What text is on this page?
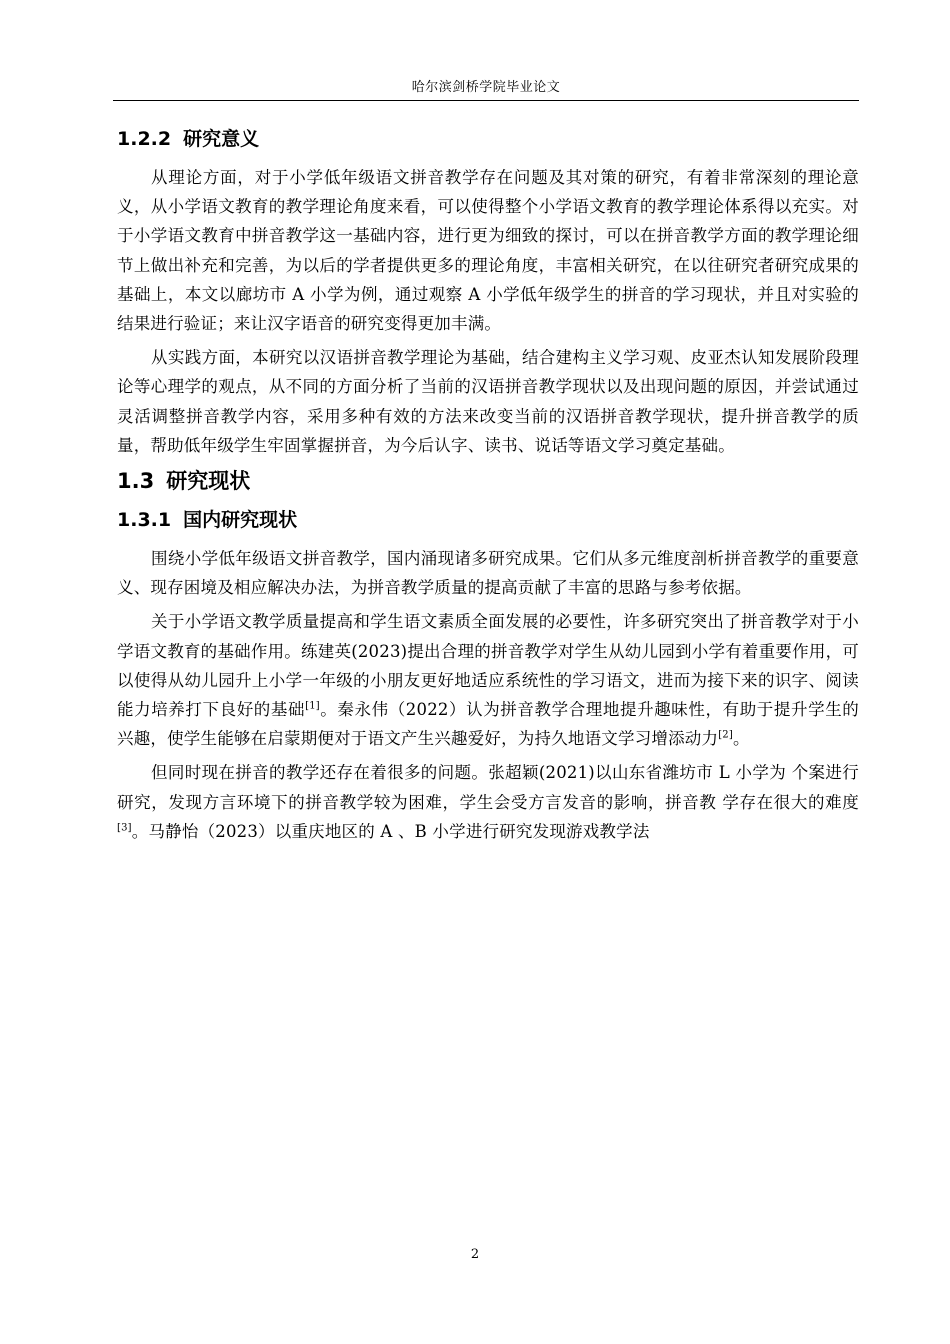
哈尔滨剑桥学院毕业论文
1.2.2 研究意义

从理论方面，对于小学低年级语文拼音教学存在问题及其对策的研究，有着非常深刻的理论意义，从小学语文教育的教学理论角度来看，可以使得整个小学语文教育的教学理论体系得以充实。对于小学语文教育中拼音教学这一基础内容，进行更为细致的探讨，可以在拼音教学方面的教学理论细节上做出补充和完善，为以后的学者提供更多的理论角度，丰富相关研究，在以往研究者研究成果的基础上，本文以廊坊市 A 小学为例，通过观察 A 小学低年级学生的拼音的学习现状，并且对实验的结果进行验证；来让汉字语音的研究变得更加丰满。

从实践方面，本研究以汉语拼音教学理论为基础，结合建构主义学习观、皮亚杰认知发展阶段理论等心理学的观点，从不同的方面分析了当前的汉语拼音教学现状以及出现问题的原因，并尝试通过灵活调整拼音教学内容，采用多种有效的方法来改变当前的汉语拼音教学现状，提升拼音教学的质量，帮助低年级学生牢固掌握拼音，为今后认字、读书、说话等语文学习奠定基础。

1.3 研究现状
1.3.1 国内研究现状

围绕小学低年级语文拼音教学，国内涌现诸多研究成果。它们从多元维度剖析拼音教学的重要意义、现存困境及相应解决办法，为拼音教学质量的提高贡献了丰富的思路与参考依据。

关于小学语文教学质量提高和学生语文素质全面发展的必要性，许多研究突出了拼音教学对于小学语文教育的基础作用。练建英(2023)提出合理的拼音教学对学生从幼儿园到小学有着重要作用，可以使得从幼儿园升上小学一年级的小朋友更好地适应系统性的学习语文，进而为接下来的识字、阅读能力培养打下良好的基础[1]。秦永伟（2022）认为拼音教学合理地提升趣味性，有助于提升学生的兴趣，使学生能够在启蒙期便对于语文产生兴趣爱好，为持久地语文学习增添动力[2]。

但同时现在拼音的教学还存在着很多的问题。张超颖(2021)以山东省潍坊市 L 小学为 个案进行研究，发现方言环境下的拼音教学较为困难，学生会受方言发音的影响，拼音教 学存在很大的难度[3]。马静怡（2023）以重庆地区的 A 、B 小学进行研究发现游戏教学法

2
